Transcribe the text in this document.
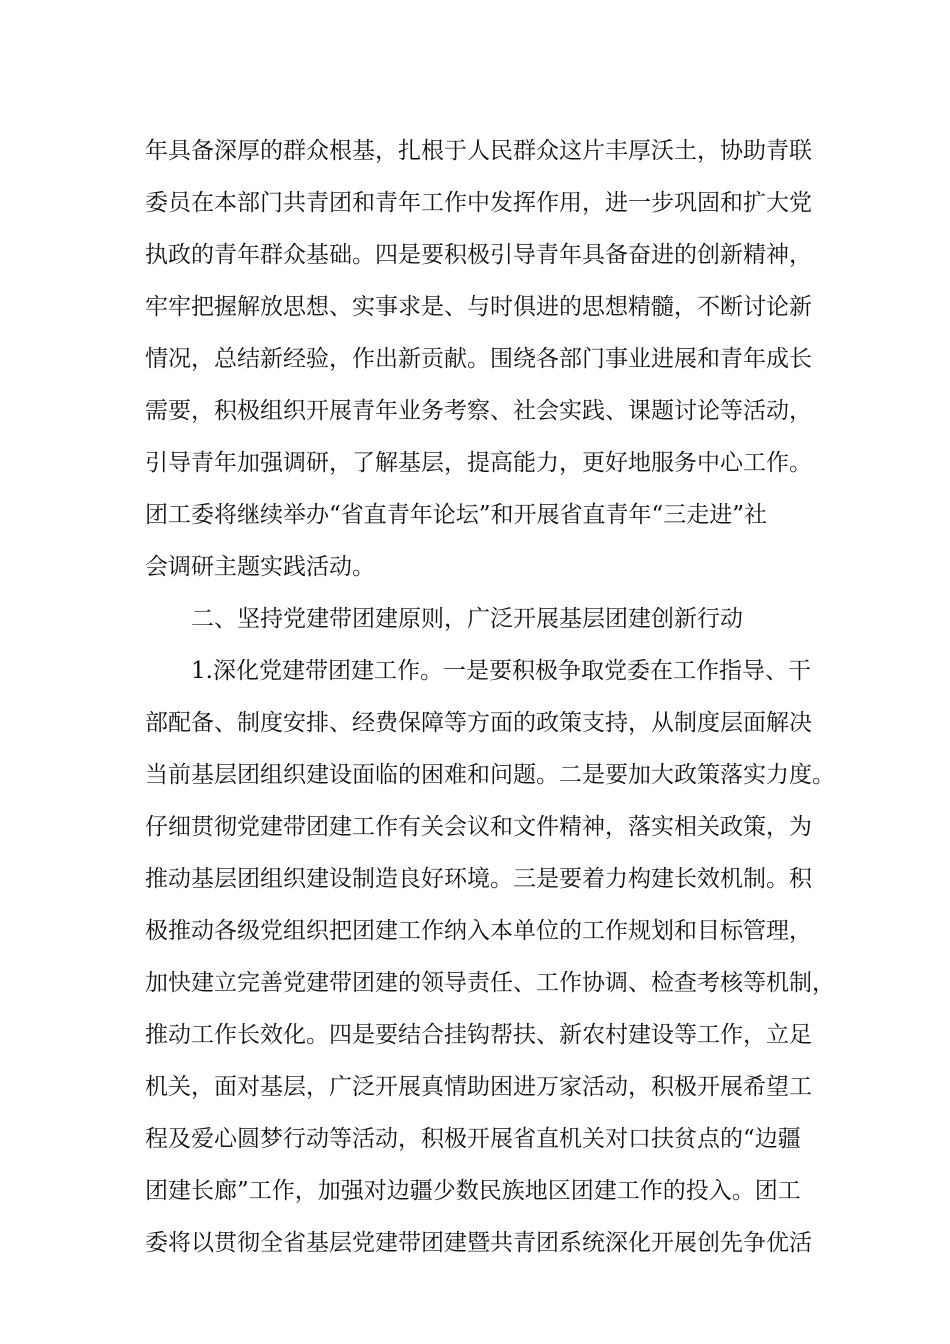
年具备深厚的群众根基，扎根于人民群众这片丰厚沃土，协助青联
委员在本部门共青团和青年工作中发挥作用，进一步巩固和扩大党
执政的青年群众基础。四是要积极引导青年具备奋进的创新精神，
牢牢把握解放思想、实事求是、与时俱进的思想精髓，不断讨论新
情况，总结新经验，作出新贡献。围绕各部门事业进展和青年成长
需要，积极组织开展青年业务考察、社会实践、课题讨论等活动，
引导青年加强调研，了解基层，提高能力，更好地服务中心工作。
团工委将继续举办“省直青年论坛”和开展省直青年“三走进”社
会调研主题实践活动。
二、坚持党建带团建原则，广泛开展基层团建创新行动
1.深化党建带团建工作。一是要积极争取党委在工作指导、干
部配备、制度安排、经费保障等方面的政策支持，从制度层面解决
当前基层团组织建设面临的困难和问题。二是要加大政策落实力度。
仔细贯彻党建带团建工作有关会议和文件精神，落实相关政策，为
推动基层团组织建设制造良好环境。三是要着力构建长效机制。积
极推动各级党组织把团建工作纳入本单位的工作规划和目标管理，
加快建立完善党建带团建的领导责任、工作协调、检查考核等机制，
推动工作长效化。四是要结合挂钩帮扶、新农村建设等工作，立足
机关，面对基层，广泛开展真情助困进万家活动，积极开展希望工
程及爱心圆梦行动等活动，积极开展省直机关对口扶贫点的“边疆
团建长廊”工作，加强对边疆少数民族地区团建工作的投入。团工
委将以贯彻全省基层党建带团建暨共青团系统深化开展创先争优活
